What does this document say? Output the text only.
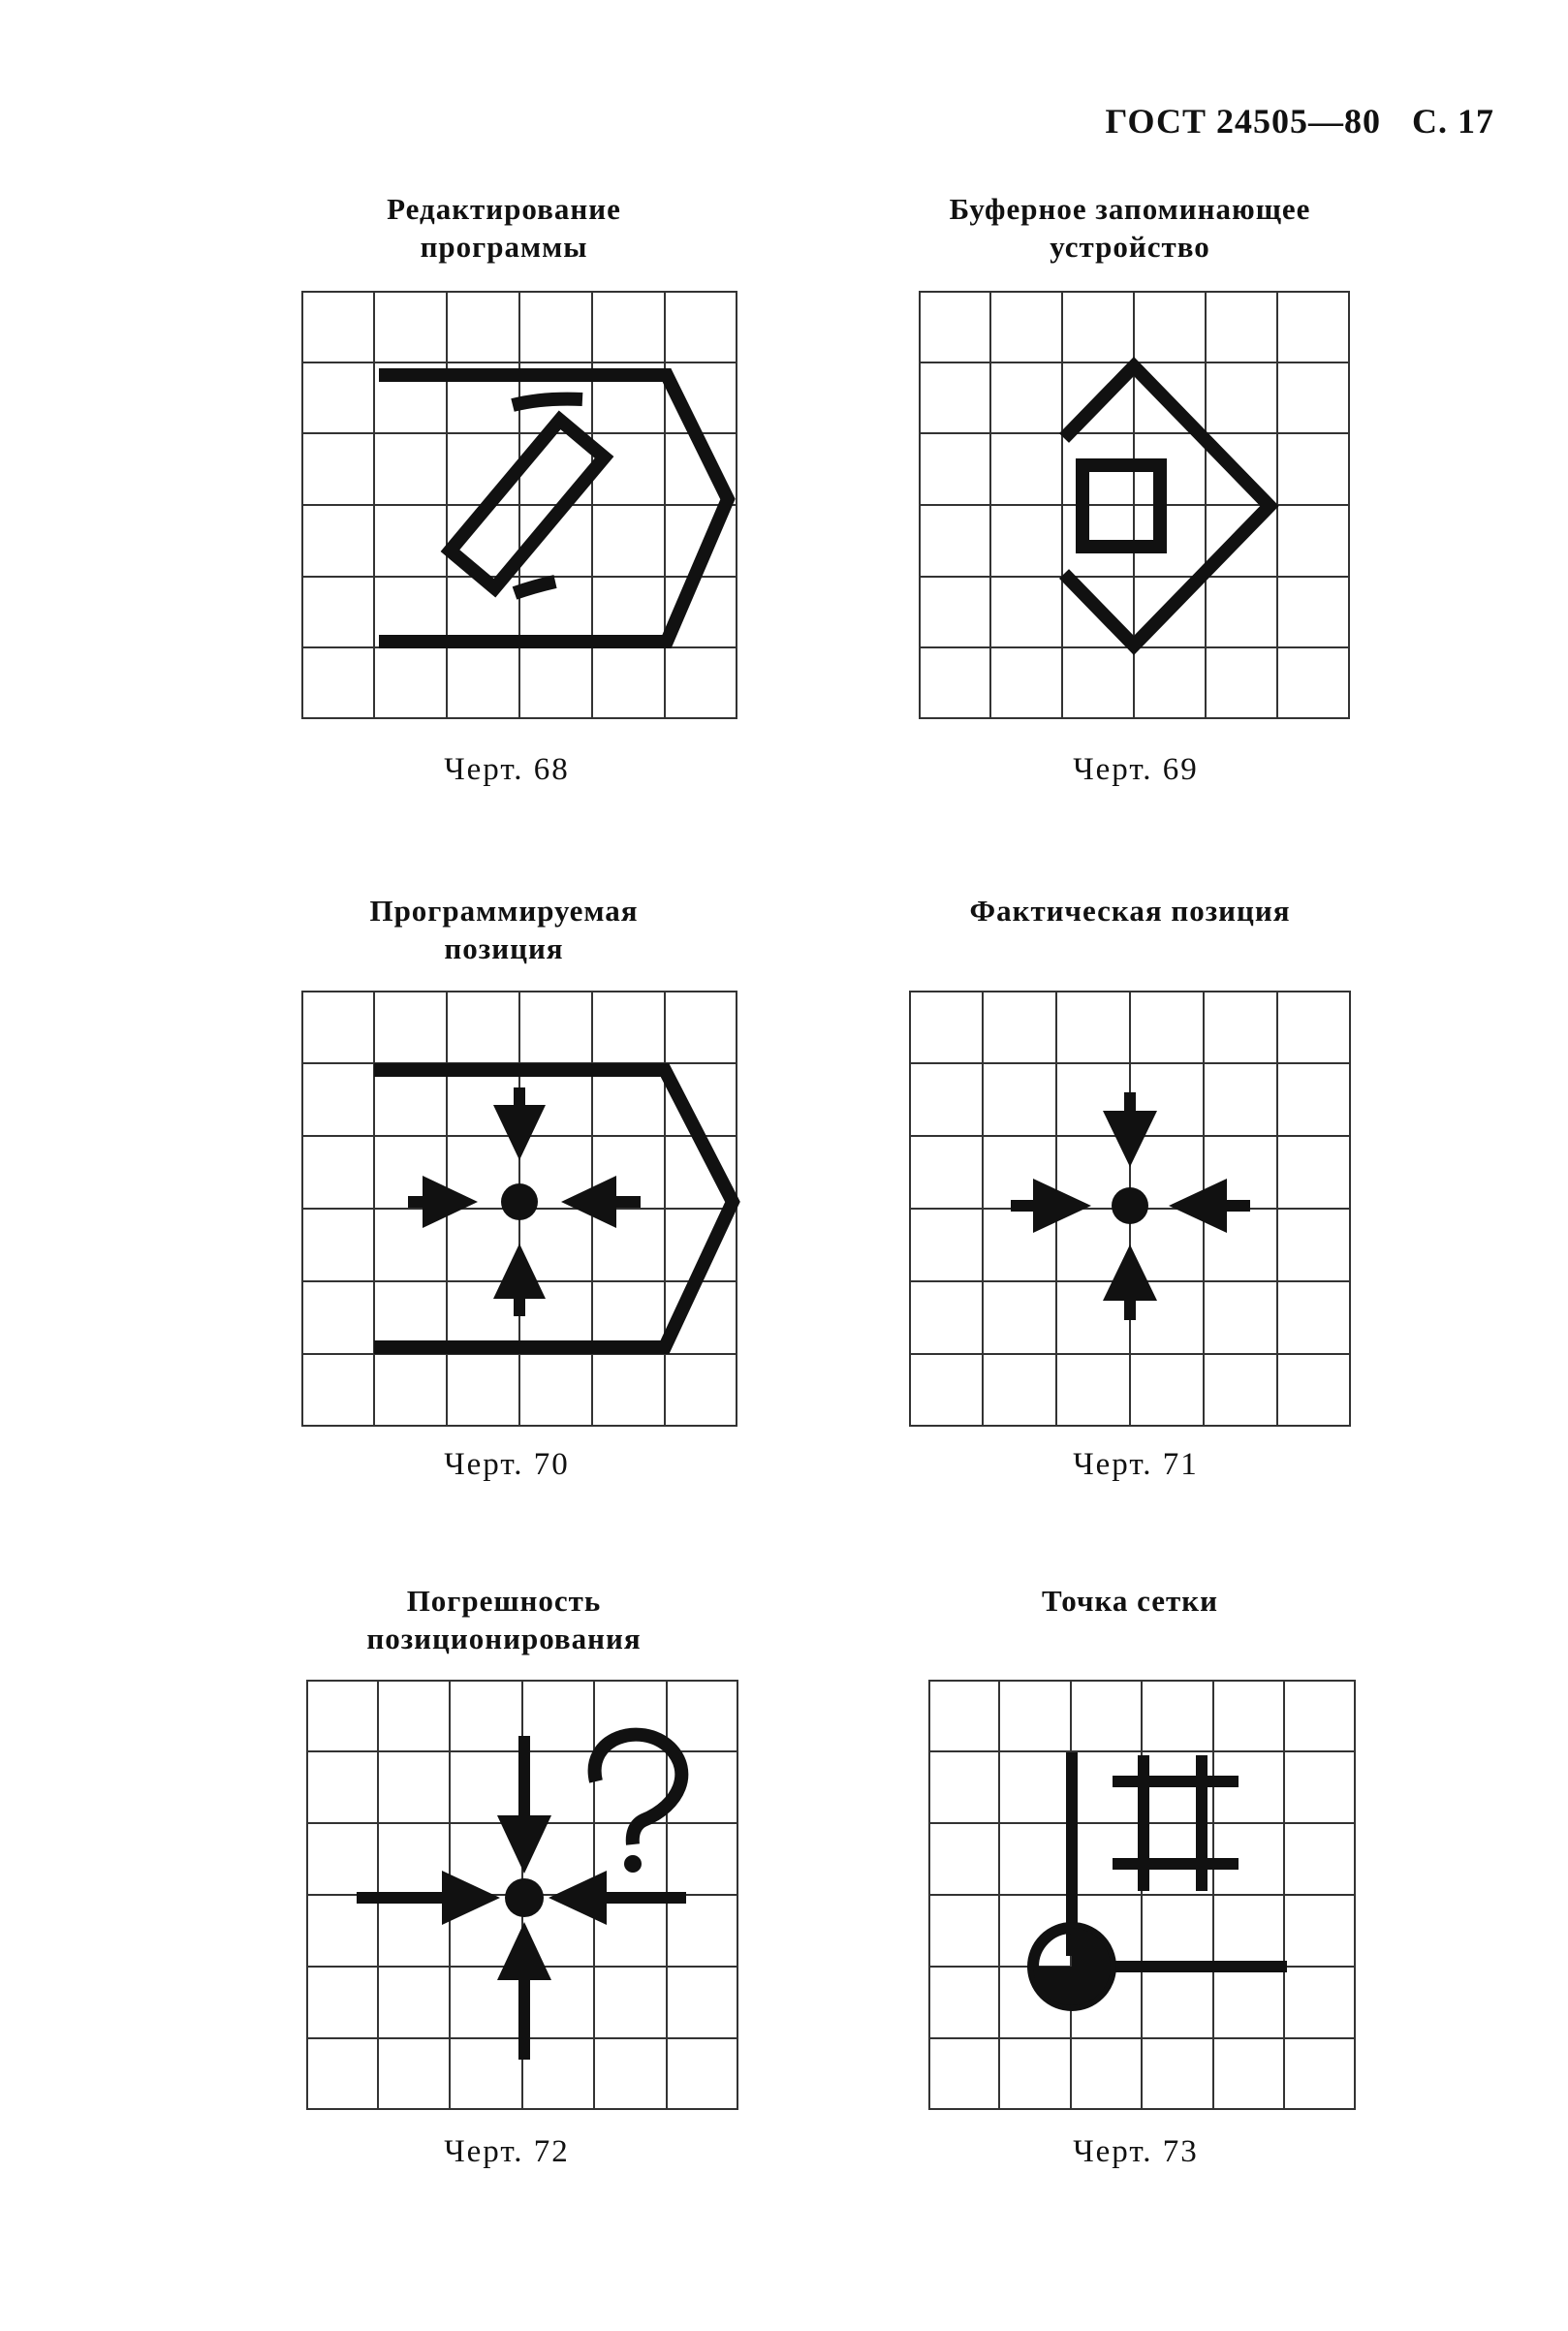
ГОСТ 24505—80 С. 17
Редактирование
программы
Черт. 68
Буферное запоминающее
устройство
Черт. 69
Программируемая
позиция
Черт. 70
Фактическая позиция
Черт. 71
Погрешность
позиционирования
Черт. 72
Точка сетки
Черт. 73
